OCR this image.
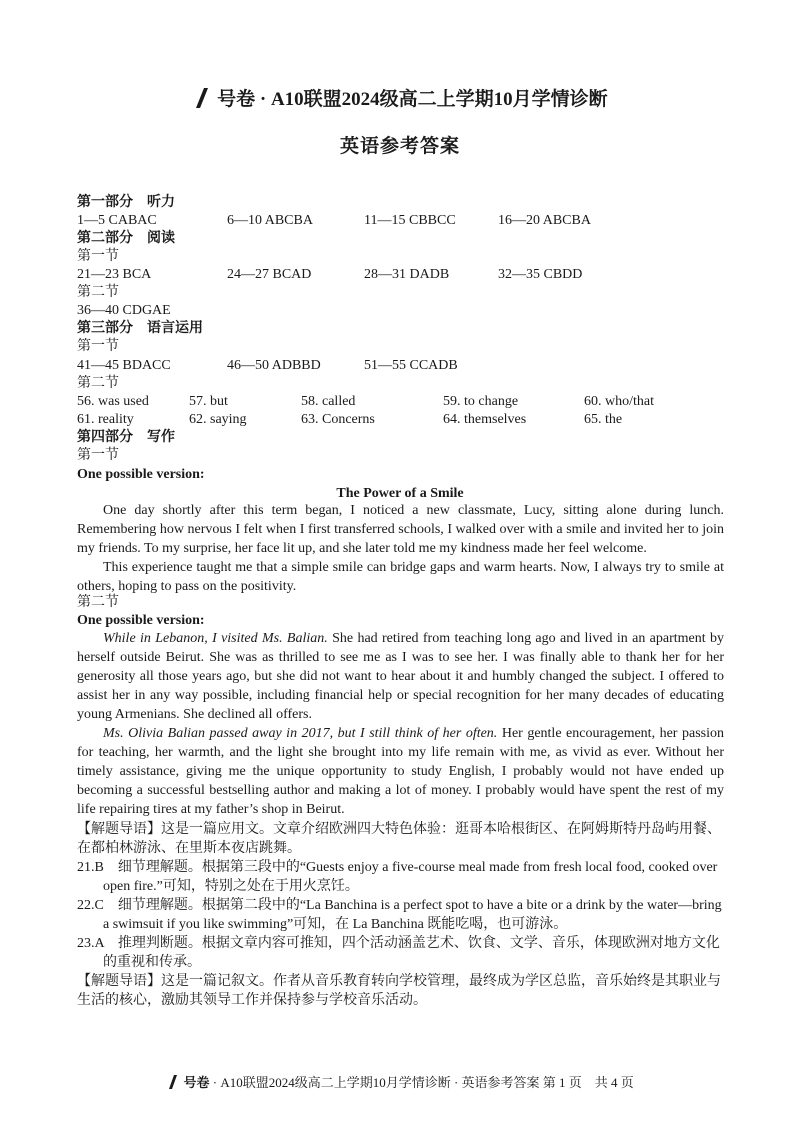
号卷 · A10联盟2024级高二上学期10月学情诊断
英语参考答案
第一部分　听力
1—5 CABAC	6—10 ABCBA	11—15 CBBCC	16—20 ABCBA
第二部分　阅读
第一节
21—23 BCA	24—27 BCAD	28—31 DADB	32—35 CBDD
第二节
36—40 CDGAE
第三部分　语言运用
第一节
41—45 BDACC	46—50 ADBBD	51—55 CCADB
第二节
56. was used	57. but	58. called	59. to change	60. who/that
61. reality	62. saying	63. Concerns	64. themselves	65. the
第四部分　写作
第一节
One possible version:
The Power of a Smile

One day shortly after this term began, I noticed a new classmate, Lucy, sitting alone during lunch. Remembering how nervous I felt when I first transferred schools, I walked over with a smile and invited her to join my friends. To my surprise, her face lit up, and she later told me my kindness made her feel welcome.

This experience taught me that a simple smile can bridge gaps and warm hearts. Now, I always try to smile at others, hoping to pass on the positivity.

第二节
One possible version:

While in Lebanon, I visited Ms. Balian. She had retired from teaching long ago and lived in an apartment by herself outside Beirut. She was as thrilled to see me as I was to see her. I was finally able to thank her for her generosity all those years ago, but she did not want to hear about it and humbly changed the subject. I offered to assist her in any way possible, including financial help or special recognition for her many decades of educating young Armenians. She declined all offers.

Ms. Olivia Balian passed away in 2017, but I still think of her often. Her gentle encouragement, her passion for teaching, her warmth, and the light she brought into my life remain with me, as vivid as ever. Without her timely assistance, giving me the unique opportunity to study English, I probably would not have ended up becoming a successful bestselling author and making a lot of money. I probably would have spent the rest of my life repairing tires at my father’s shop in Beirut.

【解题导语】这是一篇应用文。文章介绍欧洲四大特色体验：逛哥本哈根街区、在阿姆斯特丹岛屿用餐、在都柏林游泳、在里斯本夜店跳舞。

21.B　细节理解题。根据第三段中的“Guests enjoy a five-course meal made from fresh local food, cooked over open fire.”可知，特别之处在于用火烹饪。

22.C　细节理解题。根据第二段中的“La Banchina is a perfect spot to have a bite or a drink by the water—bring a swimsuit if you like swimming”可知，在 La Banchina 既能吃喝，也可游泳。

23.A　推理判断题。根据文章内容可推知，四个活动涵盖艺术、饮食、文学、音乐，体现欧洲对地方文化的重视和传承。

【解题导语】这是一篇记叙文。作者从音乐教育转向学校管理，最终成为学区总监，音乐始终是其职业与生活的核心，激励其领导工作并保持参与学校音乐活动。

号卷 · A10联盟2024级高二上学期10月学情诊断 · 英语参考答案 第 1 页　共 4 页
